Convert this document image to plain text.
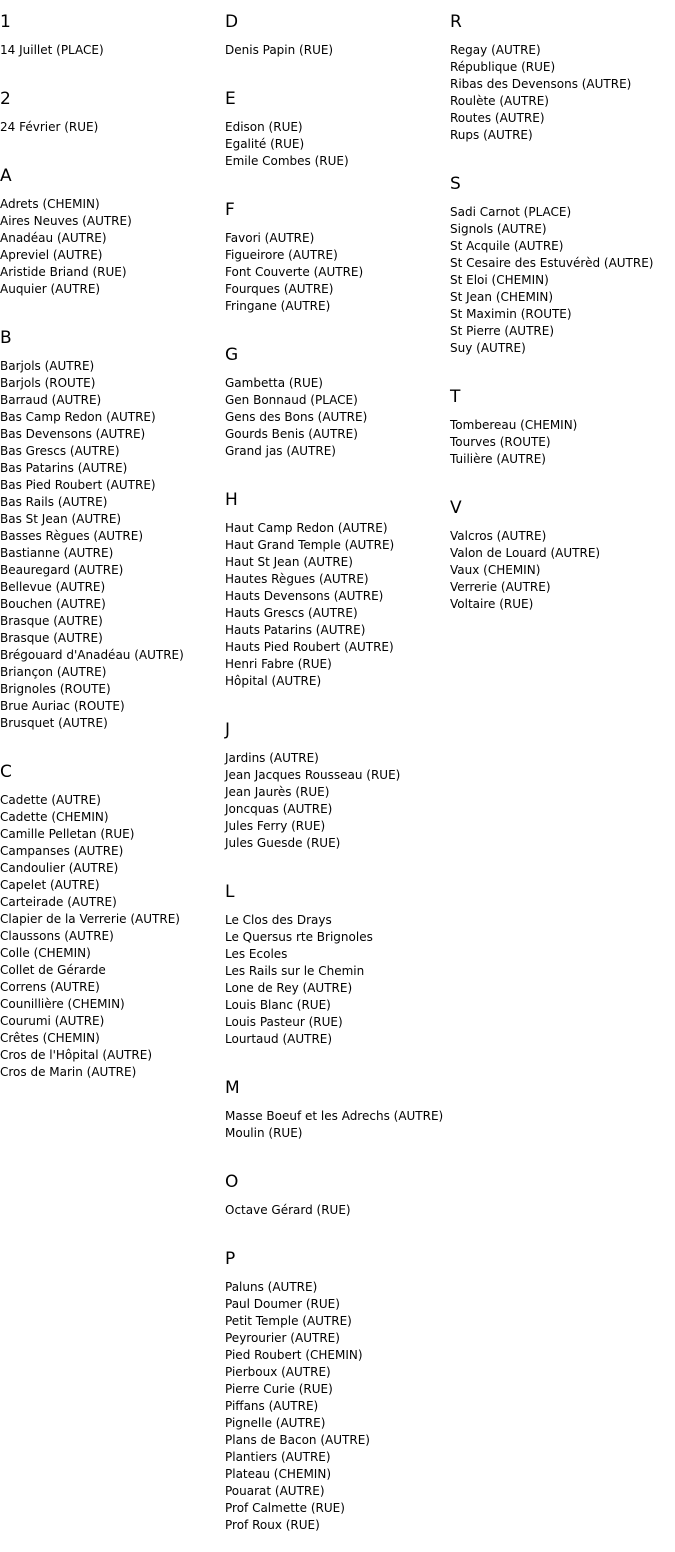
1
14 Juillet (PLACE)
2
24 Février (RUE)
A
Adrets (CHEMIN)
Aires Neuves (AUTRE)
Anadéau (AUTRE)
Apreviel (AUTRE)
Aristide Briand (RUE)
Auquier (AUTRE)
B
Barjols (AUTRE)
Barjols (ROUTE)
Barraud (AUTRE)
Bas Camp Redon (AUTRE)
Bas Devensons (AUTRE)
Bas Grescs (AUTRE)
Bas Patarins (AUTRE)
Bas Pied Roubert (AUTRE)
Bas Rails (AUTRE)
Bas St Jean (AUTRE)
Basses Règues (AUTRE)
Bastianne (AUTRE)
Beauregard (AUTRE)
Bellevue (AUTRE)
Bouchen (AUTRE)
Brasque (AUTRE)
Brasque (AUTRE)
Brégouard d'Anadéau (AUTRE)
Briançon (AUTRE)
Brignoles (ROUTE)
Brue Auriac (ROUTE)
Brusquet (AUTRE)
C
Cadette (AUTRE)
Cadette (CHEMIN)
Camille Pelletan (RUE)
Campanses (AUTRE)
Candoulier (AUTRE)
Capelet (AUTRE)
Carteirade (AUTRE)
Clapier de la Verrerie (AUTRE)
Claussons (AUTRE)
Colle (CHEMIN)
Collet de Gérarde
Correns (AUTRE)
Counillière (CHEMIN)
Courumi (AUTRE)
Crêtes (CHEMIN)
Cros de l'Hôpital (AUTRE)
Cros de Marin (AUTRE)
D
Denis Papin (RUE)
E
Edison (RUE)
Egalité (RUE)
Emile Combes (RUE)
F
Favori (AUTRE)
Figueirore (AUTRE)
Font Couverte (AUTRE)
Fourques (AUTRE)
Fringane (AUTRE)
G
Gambetta (RUE)
Gen Bonnaud (PLACE)
Gens des Bons (AUTRE)
Gourds Benis (AUTRE)
Grand jas (AUTRE)
H
Haut Camp Redon (AUTRE)
Haut Grand Temple (AUTRE)
Haut St Jean (AUTRE)
Hautes Règues (AUTRE)
Hauts Devensons (AUTRE)
Hauts Grescs (AUTRE)
Hauts Patarins (AUTRE)
Hauts Pied Roubert (AUTRE)
Henri Fabre (RUE)
Hôpital (AUTRE)
J
Jardins (AUTRE)
Jean Jacques Rousseau (RUE)
Jean Jaurès (RUE)
Joncquas (AUTRE)
Jules Ferry (RUE)
Jules Guesde (RUE)
L
Le Clos des Drays
Le Quersus rte Brignoles
Les Ecoles
Les Rails sur le Chemin
Lone de Rey (AUTRE)
Louis Blanc (RUE)
Louis Pasteur (RUE)
Lourtaud (AUTRE)
M
Masse Boeuf et les Adrechs (AUTRE)
Moulin (RUE)
O
Octave Gérard (RUE)
P
Paluns (AUTRE)
Paul Doumer (RUE)
Petit Temple (AUTRE)
Peyrourier (AUTRE)
Pied Roubert (CHEMIN)
Pierboux (AUTRE)
Pierre Curie (RUE)
Piffans (AUTRE)
Pignelle (AUTRE)
Plans de Bacon (AUTRE)
Plantiers (AUTRE)
Plateau (CHEMIN)
Pouarat (AUTRE)
Prof Calmette (RUE)
Prof Roux (RUE)
R
Regay (AUTRE)
République (RUE)
Ribas des Devensons (AUTRE)
Roulète (AUTRE)
Routes (AUTRE)
Rups (AUTRE)
S
Sadi Carnot (PLACE)
Signols (AUTRE)
St Acquile (AUTRE)
St Cesaire des Estuvérèd (AUTRE)
St Eloi (CHEMIN)
St Jean (CHEMIN)
St Maximin (ROUTE)
St Pierre (AUTRE)
Suy (AUTRE)
T
Tombereau (CHEMIN)
Tourves (ROUTE)
Tuilière (AUTRE)
V
Valcros (AUTRE)
Valon de Louard (AUTRE)
Vaux (CHEMIN)
Verrerie (AUTRE)
Voltaire (RUE)
